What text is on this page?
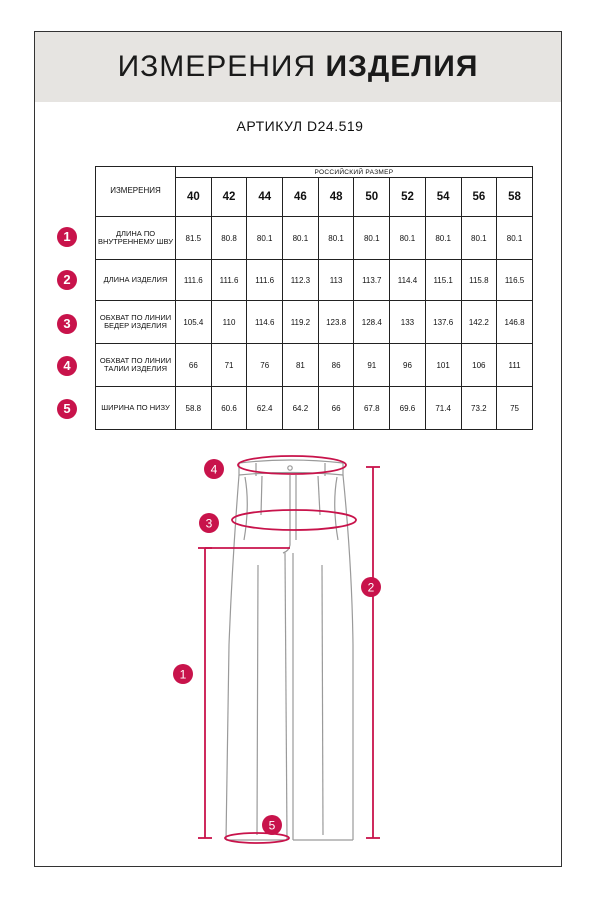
ИЗМЕРЕНИЯ ИЗДЕЛИЯ
АРТИКУЛ D24.519
ИЗМЕРЕНИЯ	РОССИЙСКИЙ РАЗМЕР									
	40	42	44	46	48	50	52	54	56	58
ДЛИНА ПО ВНУТРЕННЕМУ ШВУ	81.5	80.8	80.1	80.1	80.1	80.1	80.1	80.1	80.1	80.1
ДЛИНА ИЗДЕЛИЯ	111.6	111.6	111.6	112.3	113	113.7	114.4	115.1	115.8	116.5
ОБХВАТ ПО ЛИНИИ БЕДЕР ИЗДЕЛИЯ	105.4	110	114.6	119.2	123.8	128.4	133	137.6	142.2	146.8
ОБХВАТ ПО ЛИНИИ ТАЛИИ ИЗДЕЛИЯ	66	71	76	81	86	91	96	101	106	111
ШИРИНА ПО НИЗУ	58.8	60.6	62.4	64.2	66	67.8	69.6	71.4	73.2	75
1
2
3
4
5
4
3
2
1
5
